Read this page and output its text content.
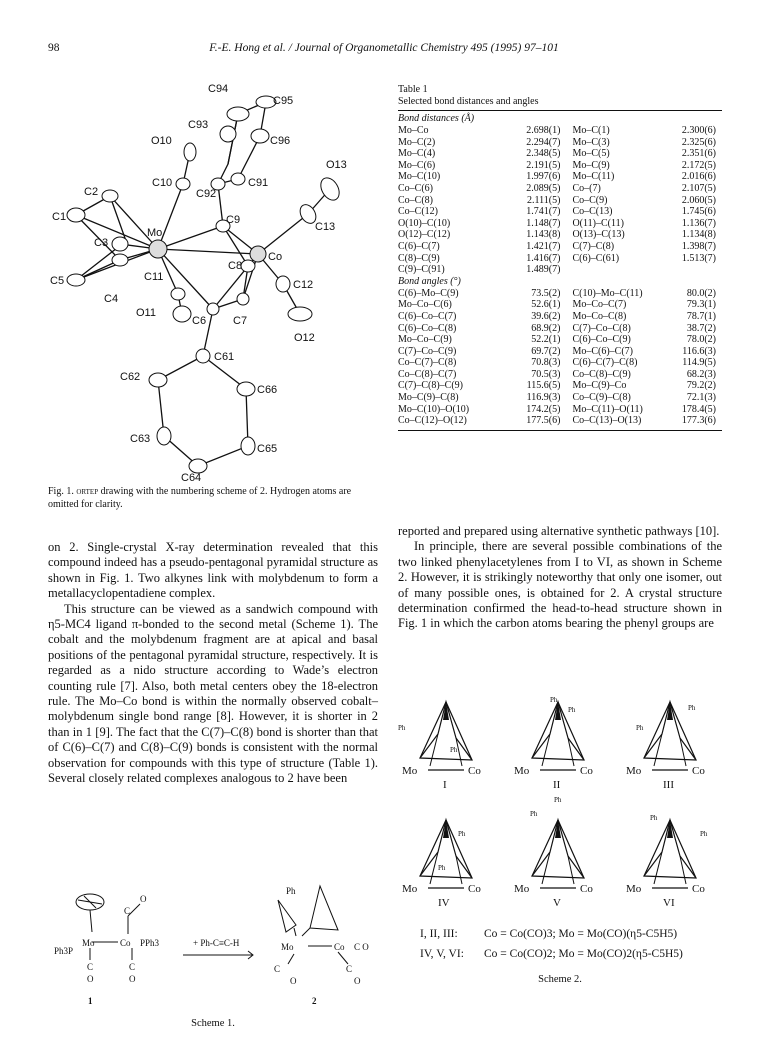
98	F.-E. Hong et al. / Journal of Organometallic Chemistry 495 (1995) 97–101
C94
C95
C93
O10	C96
O13
C10	C91
C92
C2
C1
Mo
C9
C13
C3
C8
Co
C5	C11
C12
C4
O11
C6 C7
O12
C61
C62
C66
C63
C65
C64
Fig. 1. ortep drawing with the numbering scheme of 2. Hydrogen atoms are omitted for clarity.

on 2. Single-crystal X-ray determination revealed that this compound indeed has a pseudo-pentagonal pyramidal structure as shown in Fig. 1. Two alkynes link with molybdenum to form a metallacyclopentadiene complex.

This structure can be viewed as a sandwich compound with η5-MC4 ligand π-bonded to the second metal (Scheme 1). The cobalt and the molybdenum fragment are at apical and basal positions of the pentagonal pyramidal structure, respectively. It is regarded as a nido structure according to Wade’s electron counting rule [7]. Also, both metal centers obey the 18-electron rule. The Mo–Co bond is within the normally observed cobalt–molybdenum single bond range [8]. However, it is shorter in 2 than in 1 [9]. The fact that the C(7)–C(8) bond is shorter than that of C(6)–C(7) and C(8)–C(9) bonds is consistent with the normal observation for compounds with this type of structure (Table 1). Several closely related complexes analogous to 2 have been

Mo	Co PPh3
Ph3P
C
O
C
O
C
O
+ Ph-C≡C-H
Ph
Mo	Co C O
C	C
O	O
1	2
Scheme 1.
Table 1
Selected bond distances and angles
Bond distances (Å)
Mo–Co	2.698(1)	Mo–C(1)	2.300(6)
Mo–C(2)	2.294(7)	Mo–C(3)	2.325(6)
Mo–C(4)	2.348(5)	Mo–C(5)	2.351(6)
Mo–C(6)	2.191(5)	Mo–C(9)	2.172(5)
Mo–C(10)	1.997(6)	Mo–C(11)	2.016(6)
Co–C(6)	2.089(5)	Co–(7)	2.107(5)
Co–C(8)	2.111(5)	Co–C(9)	2.060(5)
Co–C(12)	1.741(7)	Co–C(13)	1.745(6)
O(10)–C(10)	1.148(7)	O(11)–C(11)	1.136(7)
O(12)–C(12)	1.143(8)	O(13)–C(13)	1.134(8)
C(6)–C(7)	1.421(7)	C(7)–C(8)	1.398(7)
C(8)–C(9)	1.416(7)	C(6)–C(61)	1.513(7)
C(9)–C(91)	1.489(7)		
Bond angles (°)
C(6)–Mo–C(9)	73.5(2)	C(10)–Mo–C(11)	80.0(2)
Mo–Co–C(6)	52.6(1)	Mo–Co–C(7)	79.3(1)
C(6)–Co–C(7)	39.6(2)	Mo–Co–C(8)	78.7(1)
C(6)–Co–C(8)	68.9(2)	C(7)–Co–C(8)	38.7(2)
Mo–Co–C(9)	52.2(1)	C(6)–Co–C(9)	78.0(2)
C(7)–Co–C(9)	69.7(2)	Mo–C(6)–C(7)	116.6(3)
Co–C(7)–C(8)	70.8(3)	C(6)–C(7)–C(8)	114.9(5)
Co–C(8)–C(7)	70.5(3)	Co–C(8)–C(9)	68.2(3)
C(7)–C(8)–C(9)	115.6(5)	Mo–C(9)–Co	79.2(2)
Mo–C(9)–C(8)	116.9(3)	Co–C(9)–C(8)	72.1(3)
Mo–C(10)–O(10)	174.2(5)	Mo–C(11)–O(11)	178.4(5)
Co–C(12)–O(12)	177.5(6)	Co–C(13)–O(13)	177.3(6)

reported and prepared using alternative synthetic pathways [10].

In principle, there are several possible combinations of the two linked phenylacetylenes from I to VI, as shown in Scheme 2. However, it is strikingly noteworthy that only one isomer, out of many possible ones, is obtained for 2. A crystal structure determination confirmed the head-to-head structure shown in Fig. 1 in which the carbon atoms bearing the phenyl groups are

Mo	Co	Mo	Co	Mo	Co
Mo	Co	Mo	Co	Mo	Co
Ph
Ph
Ph
Ph
Ph
Ph
Ph
Ph
Ph
Ph	Ph
Ph
I	II	III
IV	V	VI
I, II, III: Co = Co(CO)3; Mo = Mo(CO)(η5-C5H5)
IV, V, VI: Co = Co(CO)2; Mo = Mo(CO)2(η5-C5H5)
Scheme 2.
